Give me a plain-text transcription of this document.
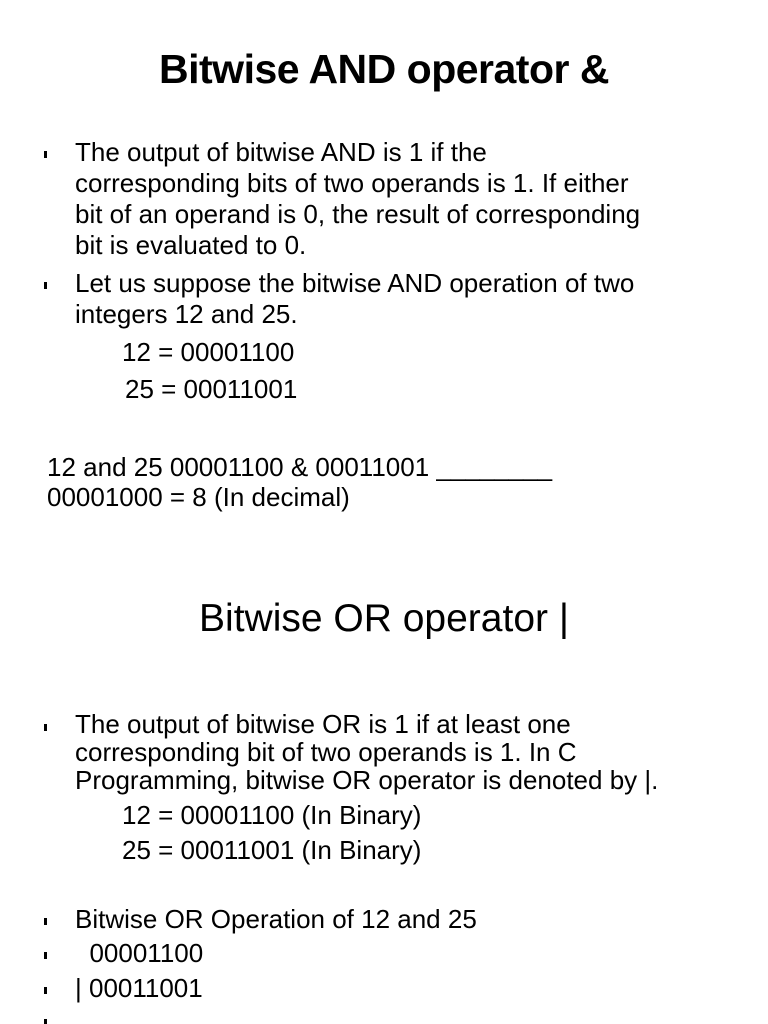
Bitwise AND operator &
The output of bitwise AND is 1 if the
corresponding bits of two operands is 1. If either
bit of an operand is 0, the result of corresponding
bit is evaluated to 0.
Let us suppose the bitwise AND operation of two
integers 12 and 25.
12 = 00001100
25 = 00011001
12 and 25 00001100 & 00011001 ________
00001000 = 8 (In decimal)
Bitwise OR operator |
The output of bitwise OR is 1 if at least one
corresponding bit of two operands is 1. In C
Programming, bitwise OR operator is denoted by |.
12 = 00001100 (In Binary)
25 = 00011001 (In Binary)
Bitwise OR Operation of 12 and 25
00001100
| 00011001
